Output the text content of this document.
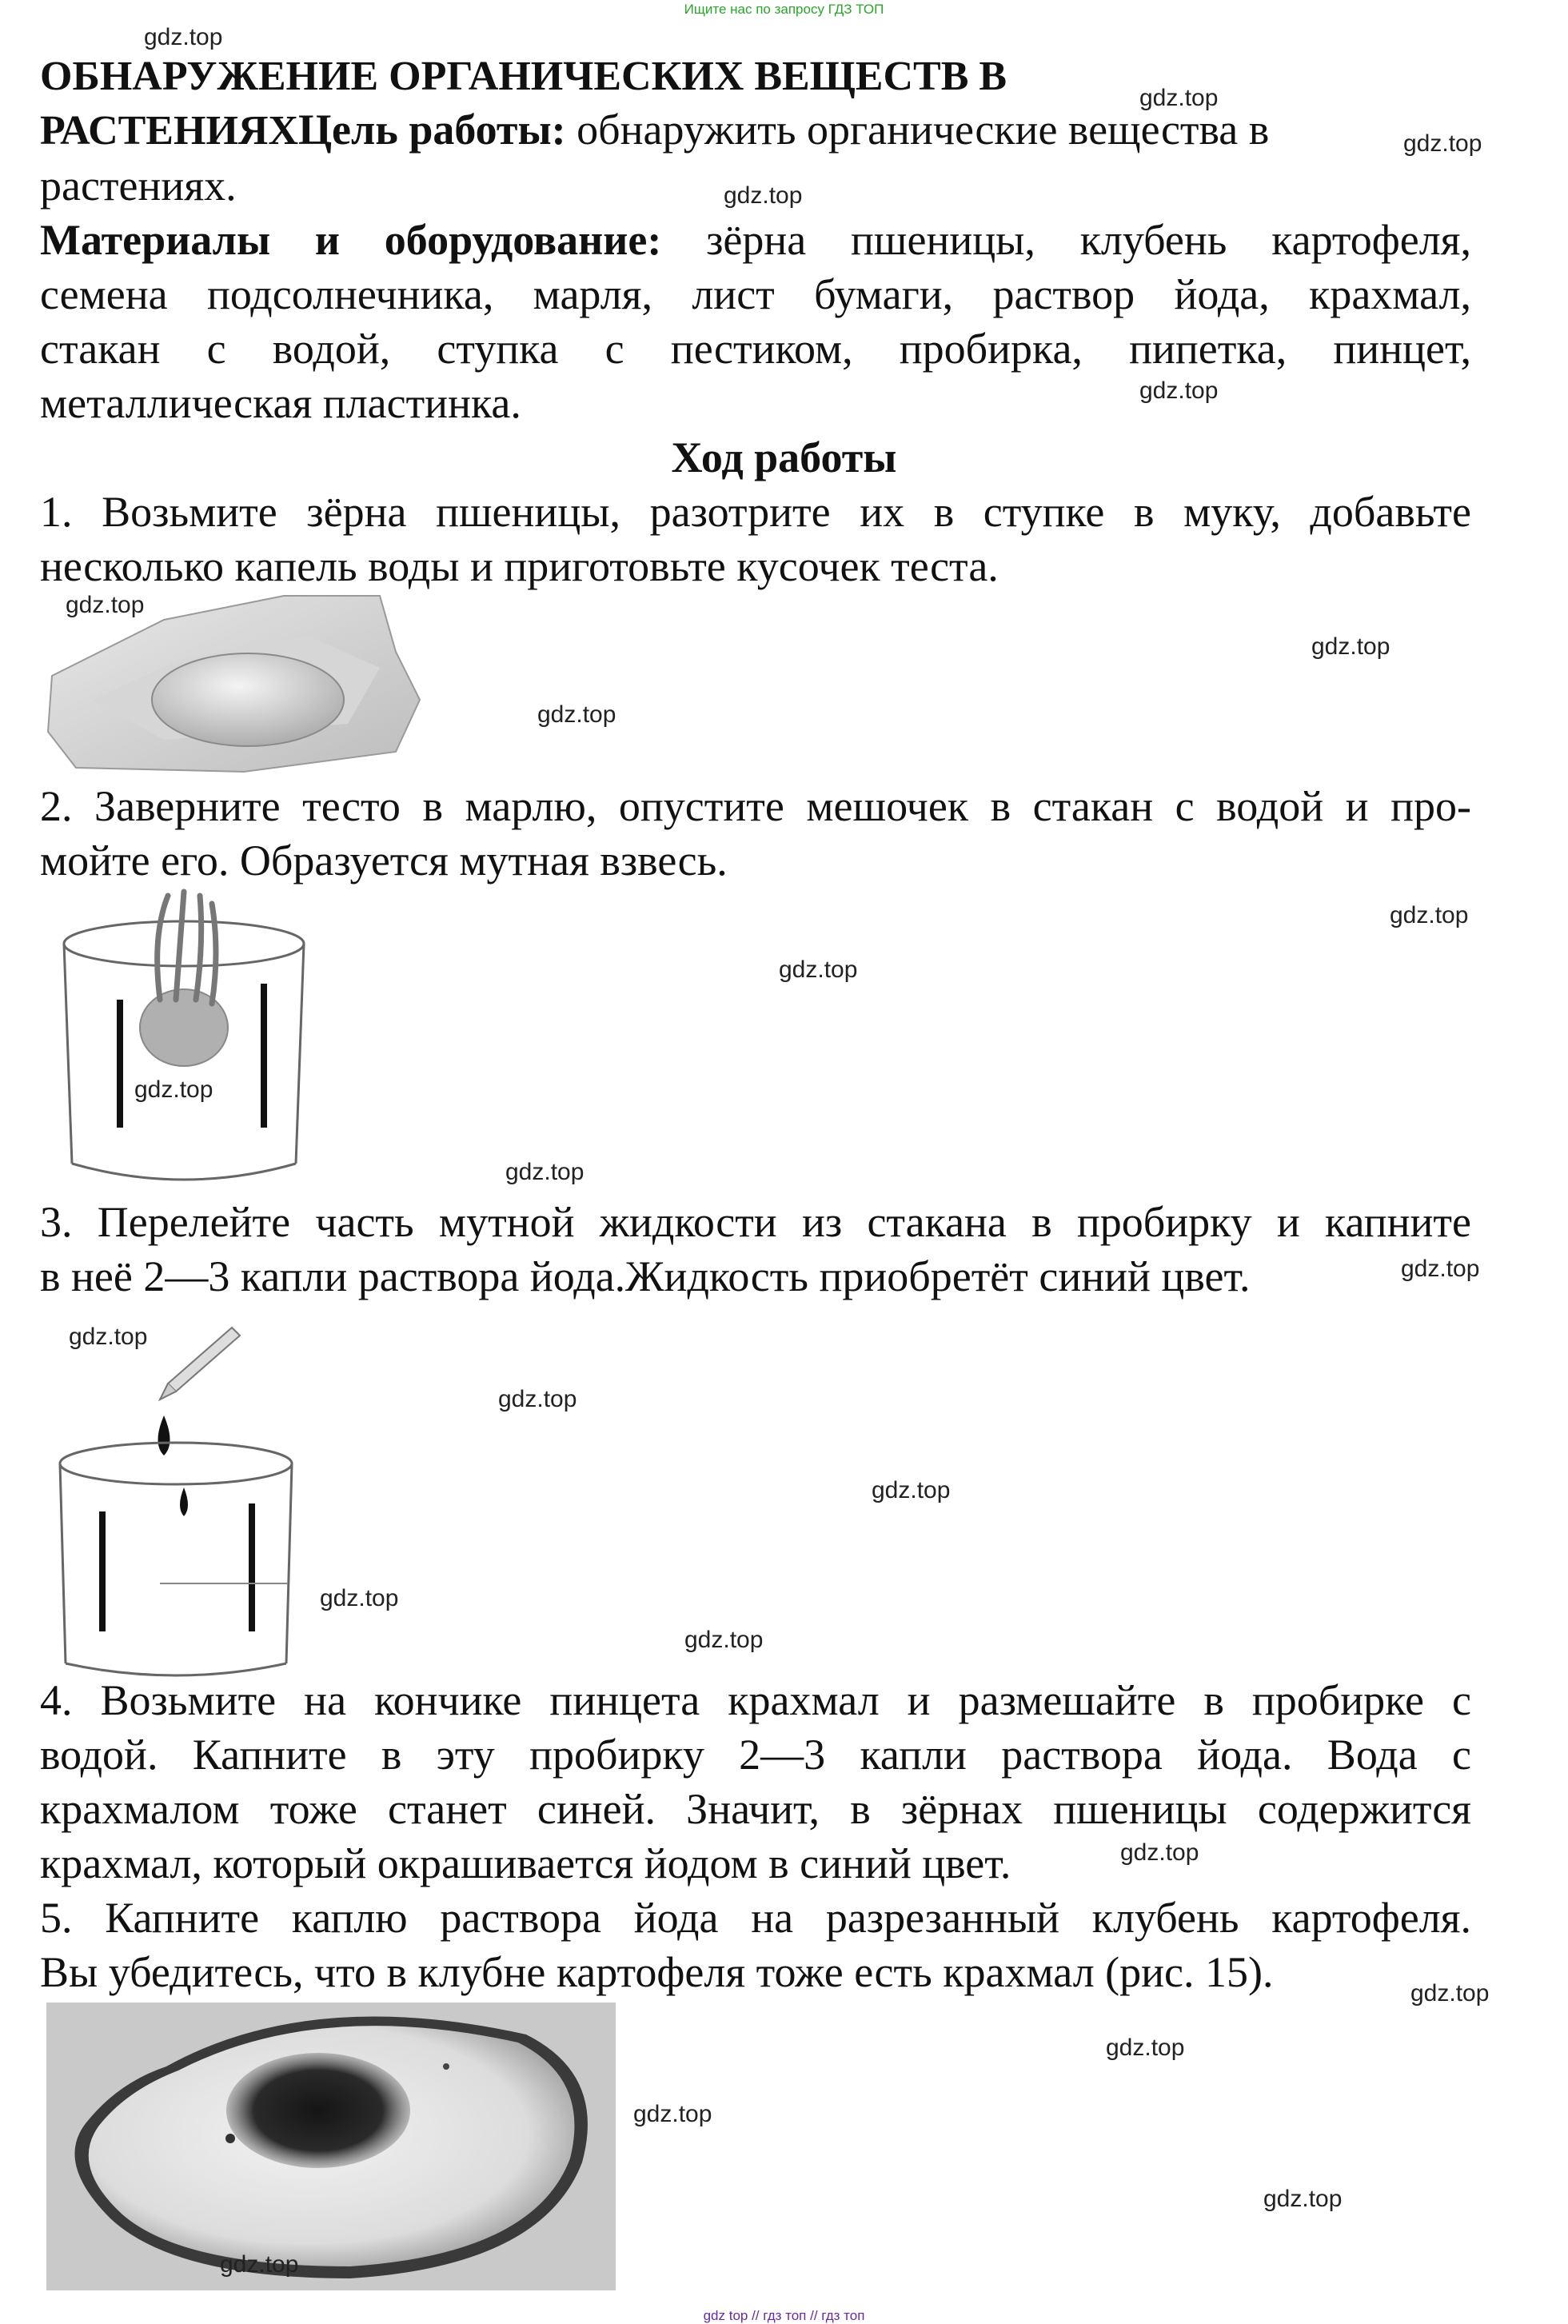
Ищите нас по запросу ГДЗ ТОП
ОБНАРУЖЕНИЕ ОРГАНИЧЕСКИХ ВЕЩЕСТВ В
РАСТЕНИЯХЦель работы: обнаружить органические вещества в
растениях.
Материалы и оборудование: зёрна пшеницы, клубень картофеля,
семена подсолнечника, марля, лист бумаги, раствор йода, крахмал,
стакан с водой, ступка с пестиком, пробирка, пипетка, пинцет,
металлическая пластинка.
Ход работы
1. Возьмите зёрна пшеницы, разотрите их в ступке в муку, добавьте
несколько капель воды и приготовьте кусочек теста.
2. Заверните тесто в марлю, опустите мешочек в стакан с водой и про-
мойте его. Образуется мутная взвесь.
3. Перелейте часть мутной жидкости из стакана в пробирку и капните
в неё 2—3 капли раствора йода.Жидкость приобретёт синий цвет.
4. Возьмите на кончике пинцета крахмал и размешайте в пробирке с
водой. Капните в эту пробирку 2—3 капли раствора йода. Вода с
крахмалом тоже станет синей. Значит, в зёрнах пшеницы содержится
крахмал, который окрашивается йодом в синий цвет.
5. Капните каплю раствора йода на разрезанный клубень картофеля.
Вы убедитесь, что в клубне картофеля тоже есть крахмал (рис. 15).
gdz.top
gdz.top
gdz.top
gdz.top
gdz.top
gdz.top
gdz.top
gdz.top
gdz.top
gdz.top
gdz.top
gdz.top
gdz.top
gdz.top
gdz.top
gdz.top
gdz.top
gdz.top
gdz.top
gdz.top
gdz.top
gdz.top
gdz.top
gdz.top
gdz top // гдз топ // гдз топ
